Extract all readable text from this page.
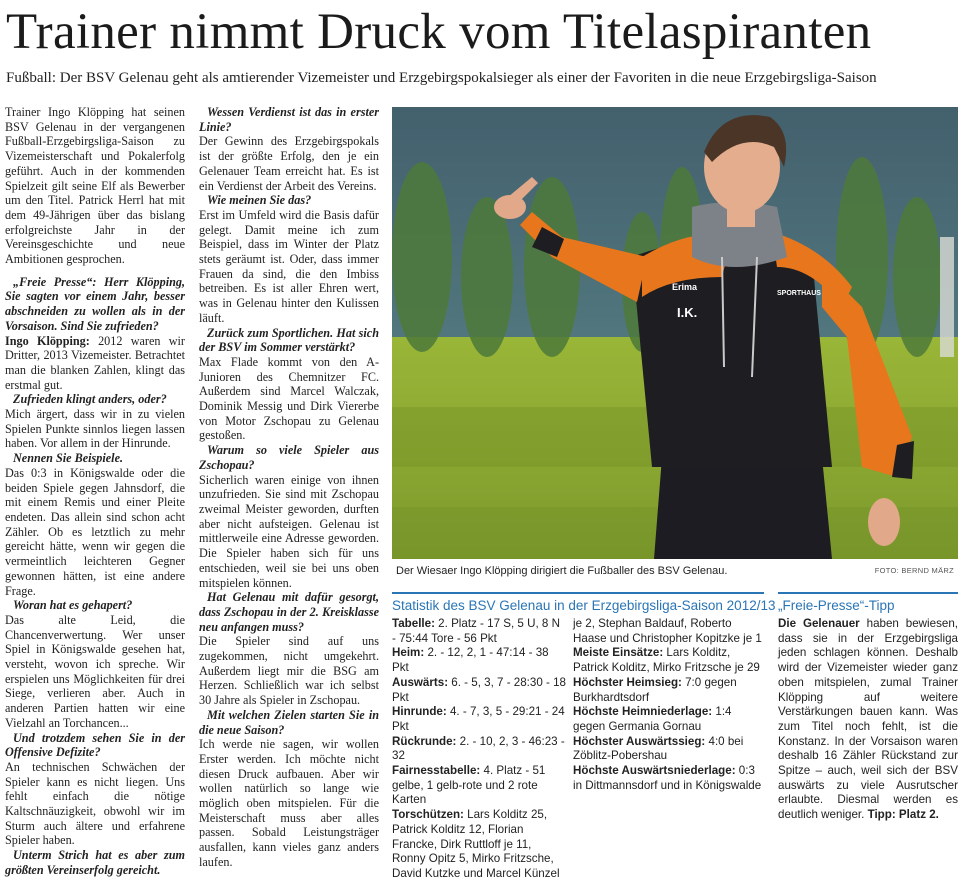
Trainer nimmt Druck vom Titelaspiranten
Fußball: Der BSV Gelenau geht als amtierender Vizemeister und Erzgebirgspokalsieger als einer der Favoriten in die neue Erzgebirgsliga-Saison

Trainer Ingo Klöpping hat seinen BSV Gelenau in der vergangenen Fußball-Erzgebirgsliga-Saison zu Vizemeisterschaft und Pokalerfolg geführt. Auch in der kommenden Spielzeit gilt seine Elf als Bewerber um den Titel. Patrick Herrl hat mit dem 49-Jährigen über das bislang erfolgreichste Jahr in der Vereinsgeschichte und neue Ambitionen gesprochen.

„Freie Presse“: Herr Klöpping, Sie sagten vor einem Jahr, besser abschneiden zu wollen als in der Vorsaison. Sind Sie zufrieden?

Ingo Klöpping: 2012 waren wir Dritter, 2013 Vizemeister. Betrachtet man die blanken Zahlen, klingt das erstmal gut.

Zufrieden klingt anders, oder?

Mich ärgert, dass wir in zu vielen Spielen Punkte sinnlos liegen lassen haben. Vor allem in der Hinrunde.

Nennen Sie Beispiele.

Das 0:3 in Königswalde oder die beiden Spiele gegen Jahnsdorf, die mit einem Remis und einer Pleite endeten. Das allein sind schon acht Zähler. Ob es letztlich zu mehr gereicht hätte, wenn wir gegen die vermeintlich leichteren Gegner gewonnen hätten, ist eine andere Frage.

Woran hat es gehapert?

Das alte Leid, die Chancenverwertung. Wer unser Spiel in Königswalde gesehen hat, versteht, wovon ich spreche. Wir erspielen uns Möglichkeiten für drei Siege, verlieren aber. Auch in anderen Partien hatten wir eine Vielzahl an Torchancen...

Und trotzdem sehen Sie in der Offensive Defizite?

An technischen Schwächen der Spieler kann es nicht liegen. Uns fehlt einfach die nötige Kaltschnäuzigkeit, obwohl wir im Sturm auch ältere und erfahrene Spieler haben.

Unterm Strich hat es aber zum größten Vereinserfolg gereicht.

Wessen Verdienst ist das in erster Linie?

Der Gewinn des Erzgebirgspokals ist der größte Erfolg, den je ein Gelenauer Team erreicht hat. Es ist ein Verdienst der Arbeit des Vereins.

Wie meinen Sie das?

Erst im Umfeld wird die Basis dafür gelegt. Damit meine ich zum Beispiel, dass im Winter der Platz stets geräumt ist. Oder, dass immer Frauen da sind, die den Imbiss betreiben. Es ist aller Ehren wert, was in Gelenau hinter den Kulissen läuft.

Zurück zum Sportlichen. Hat sich der BSV im Sommer verstärkt?

Max Flade kommt von den A-Junioren des Chemnitzer FC. Außerdem sind Marcel Walczak, Dominik Messig und Dirk Viererbe von Motor Zschopau zu Gelenau gestoßen.

Warum so viele Spieler aus Zschopau?

Sicherlich waren einige von ihnen unzufrieden. Sie sind mit Zschopau zweimal Meister geworden, durften aber nicht aufsteigen. Gelenau ist mittlerweile eine Adresse geworden. Die Spieler haben sich für uns entschieden, weil sie bei uns oben mitspielen können.

Hat Gelenau mit dafür gesorgt, dass Zschopau in der 2. Kreisklasse neu anfangen muss?

Die Spieler sind auf uns zugekommen, nicht umgekehrt. Außerdem liegt mir die BSG am Herzen. Schließlich war ich selbst 30 Jahre als Spieler in Zschopau.

Mit welchen Zielen starten Sie in die neue Saison?

Ich werde nie sagen, wir wollen Erster werden. Ich möchte nicht diesen Druck aufbauen. Aber wir wollen natürlich so lange wie möglich oben mitspielen. Für die Meisterschaft muss aber alles passen. Sobald Leistungsträger ausfallen, kann vieles ganz anders laufen.

Erima
I.K.
SPORTHAUS
Der Wiesaer Ingo Klöpping dirigiert die Fußballer des BSV Gelenau.	FOTO: BERND MÄRZ
Statistik des BSV Gelenau in der Erzgebirgsliga-Saison 2012/13
Tabelle: 2. Platz - 17 S, 5 U, 8 N - 75:44 Tore - 56 Pkt
Heim: 2. - 12, 2, 1 - 47:14 - 38 Pkt
Auswärts: 6. - 5, 3, 7 - 28:30 - 18 Pkt
Hinrunde: 4. - 7, 3, 5 - 29:21 - 24 Pkt
Rückrunde: 2. - 10, 2, 3 - 46:23 - 32
Fairnesstabelle: 4. Platz - 51 gelbe, 1 gelb-rote und 2 rote Karten
Torschützen: Lars Kolditz 25, Patrick Kolditz 12, Florian Francke, Dirk Ruttloff je 11, Ronny Opitz 5, Mirko Fritzsche, David Kutzke und Marcel Künzel
je 2, Stephan Baldauf, Roberto Haase und Christopher Kopitzke je 1
Meiste Einsätze: Lars Kolditz, Patrick Kolditz, Mirko Fritzsche je 29
Höchster Heimsieg: 7:0 gegen Burkhardtsdorf
Höchste Heimniederlage: 1:4 gegen Germania Gornau
Höchster Auswärtssieg: 4:0 bei Zöblitz-Pobershau
Höchste Auswärtsniederlage: 0:3 in Dittmannsdorf und in Königswalde
„Freie-Presse“-Tipp
Die Gelenauer haben bewiesen, dass sie in der Erzgebirgsliga jeden schlagen können. Deshalb wird der Vizemeister wieder ganz oben mitspielen, zumal Trainer Klöpping auf weitere Verstärkungen bauen kann. Was zum Titel noch fehlt, ist die Konstanz. In der Vorsaison waren deshalb 16 Zähler Rückstand zur Spitze – auch, weil sich der BSV auswärts zu viele Ausrutscher erlaubte. Diesmal werden es deutlich weniger. Tipp: Platz 2.
